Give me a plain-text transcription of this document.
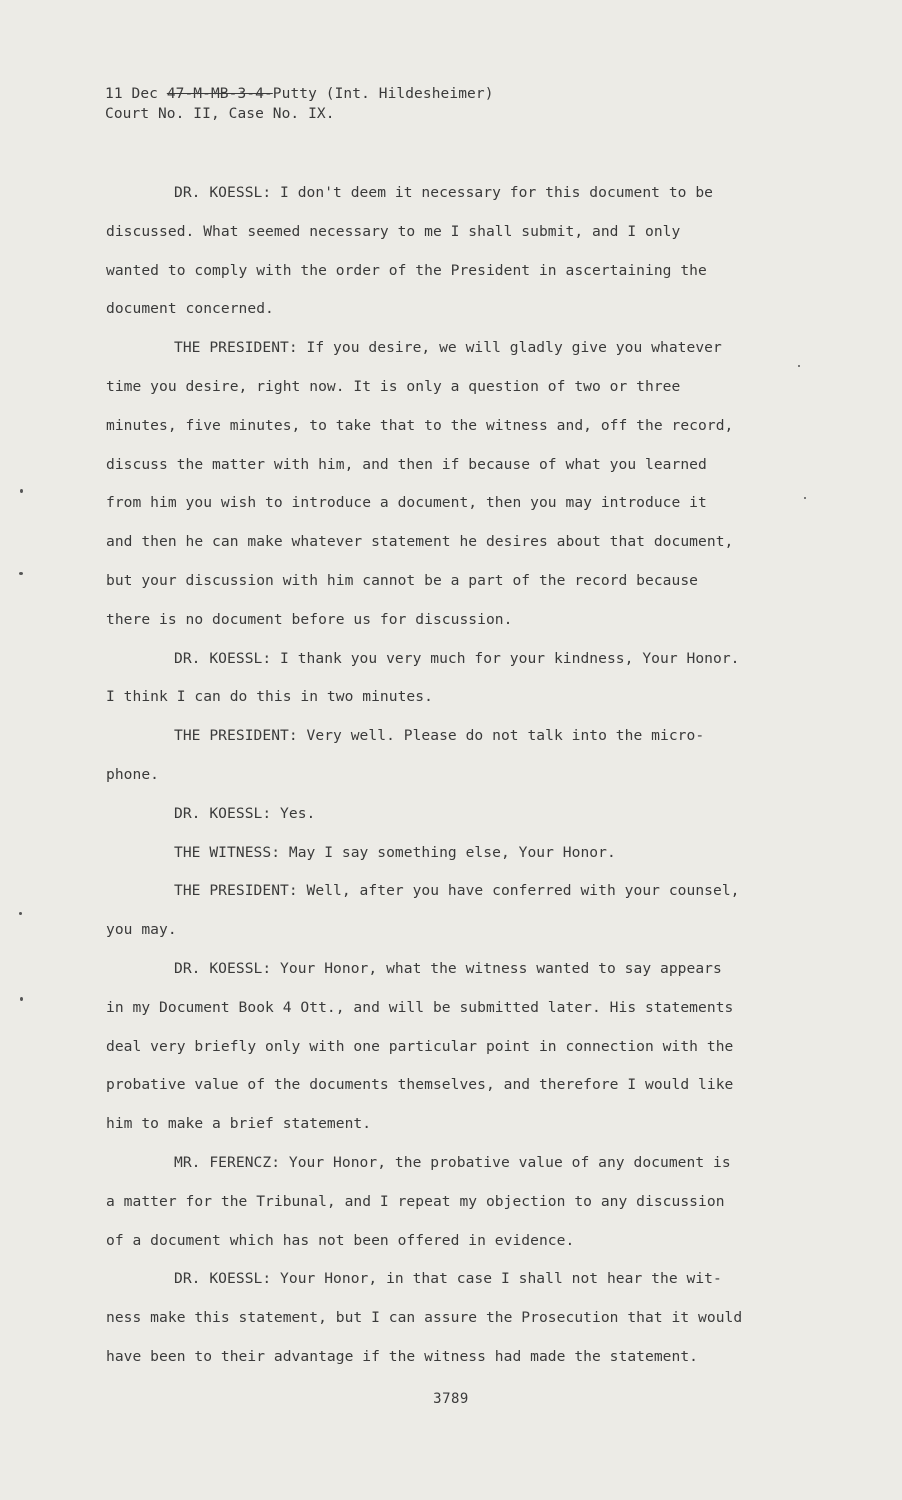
11 Dec 47-M-MB-3-4-Putty (Int. Hildesheimer)
Court No. II, Case No. IX.
DR. KOESSL: I don't deem it necessary for this document to be
discussed. What seemed necessary to me I shall submit, and I only
wanted to comply with the order of the President in ascertaining the
document concerned.
THE PRESIDENT: If you desire, we will gladly give you whatever
time you desire, right now. It is only a question of two or three
minutes, five minutes, to take that to the witness and, off the record,
discuss the matter with him, and then if because of what you learned
from him you wish to introduce a document, then you may introduce it
and then he can make whatever statement he desires about that document,
but your discussion with him cannot be a part of the record because
there is no document before us for discussion.
DR. KOESSL: I thank you very much for your kindness, Your Honor.
I think I can do this in two minutes.
THE PRESIDENT: Very well. Please do not talk into the micro-
phone.
DR. KOESSL: Yes.
THE WITNESS: May I say something else, Your Honor.
THE PRESIDENT: Well, after you have conferred with your counsel,
you may.
DR. KOESSL: Your Honor, what the witness wanted to say appears
in my Document Book 4 Ott., and will be submitted later. His statements
deal very briefly only with one particular point in connection with the
probative value of the documents themselves, and therefore I would like
him to make a brief statement.
MR. FERENCZ: Your Honor, the probative value of any document is
a matter for the Tribunal, and I repeat my objection to any discussion
of a document which has not been offered in evidence.
DR. KOESSL: Your Honor, in that case I shall not hear the wit-
ness make this statement, but I can assure the Prosecution that it would
have been to their advantage if the witness had made the statement.
3789
